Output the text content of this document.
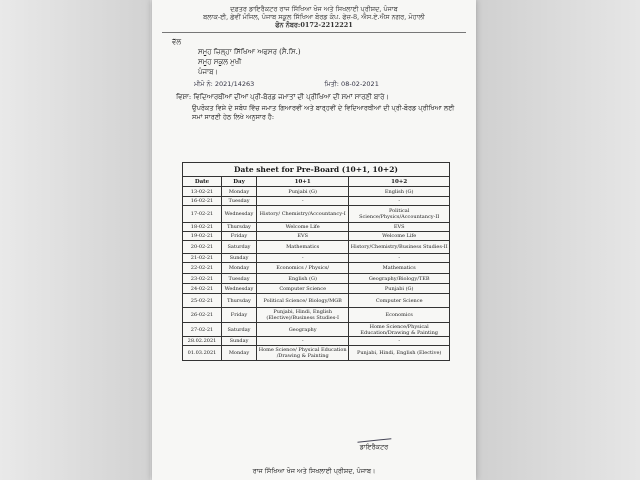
ਦਫ਼ਤਰ ਡਾਇਰੈਕਟਰ ਰਾਜ ਸਿੱਖਿਆ ਖੋਜ ਅਤੇ ਸਿਖਲਾਈ ਪ੍ਰੀਸ਼ਦ, ਪੰਜਾਬ
ਬਲਾਕ-ਈ, ਛੇਵੀਂ ਮੰਜਿਲ, ਪੰਜਾਬ ਸਕੂਲ ਸਿੱਖਿਆ ਬੋਰਡ ਕੰਪ. ਫੇਜ਼-8, ਐਸ.ਏ.ਐਸ ਨਗਰ, ਮੋਹਾਲੀ
ਫੋਨ ਨੰਬਰ:0172-2212221
ਵੱਲ
ਸਮੂਹ ਜ਼ਿਲ੍ਹਾ ਸਿੱਖਿਆ ਅਫਸਰ (ਸੈ.ਸਿ.)
ਸਮੂਹ ਸਕੂਲ ਮੁਖੀ
ਪੰਜਾਬ।
ਮੀਮੋ ਨੰ: 2021/14263	ਮਿਤੀ: 08-02-2021
ਵਿਸ਼ਾ: ਵਿਦਿਆਰਥੀਆਂ ਦੀਆਂ ਪ੍ਰੀ-ਬੋਰਡ ਜਮਾਤਾਂ ਦੀ ਪ੍ਰੀਖਿਆ ਦੀ ਸਮਾਂ ਸਾਰਣੀ ਬਾਰੇ।
ਉਪਰੋਕਤ ਵਿਸ਼ੇ ਦੇ ਸਬੰਧ ਵਿੱਚ ਜਮਾਤ ਗਿਆਰਵੀਂ ਅਤੇ ਬਾਰ੍ਹਵੀਂ ਦੇ ਵਿਦਿਆਰਥੀਆਂ ਦੀ ਪ੍ਰੀ-ਬੋਰਡ ਪ੍ਰੀਖਿਆ ਲਈ ਸਮਾਂ ਸਾਰਣੀ ਹੇਠ ਲਿਖੇ ਅਨੁਸਾਰ ਹੈ:
Date sheet for Pre-Board (10+1, 10+2)			
Date	Day	10+1	10+2
13-02-21	Monday	Punjabi (G)	English (G)
16-02-21	Tuesday	-	-
17-02-21	Wednesday	History/ Chemistry/Accountancy-I	Political Science/Physics/Accountancy-II
18-02-21	Thursday	Welcome Life	EVS
19-02-21	Friday	EVS	Welcome Life
20-02-21	Saturday	Mathematics	History/Chemistry/Business Studies-II
21-02-21	Sunday	-	-
22-02-21	Monday	Economics / Physics/	Mathematics
23-02-21	Tuesday	English (G)	Geography/Biology/TEB
24-02-21	Wednesday	Computer Science	Punjabi (G)
25-02-21	Thursday	Political Science/ Biology/MGB	Computer Science
26-02-21	Friday	Punjabi, Hindi, English (Elective)/Business Studies-I	Economics
27-02-21	Saturday	Geography	Home Science/Physical Education/Drawing & Painting
28.02.2021	Sunday	-	-
01.03.2021	Monday	Home Science/ Physical Education /Drawing & Painting	Punjabi, Hindi, English (Elective)
ਡਾਇਰੈਕਟਰ
ਰਾਜ ਸਿੱਖਿਆ ਖੋਜ ਅਤੇ ਸਿਖਲਾਈ ਪ੍ਰੀਸ਼ਦ, ਪੰਜਾਬ।
